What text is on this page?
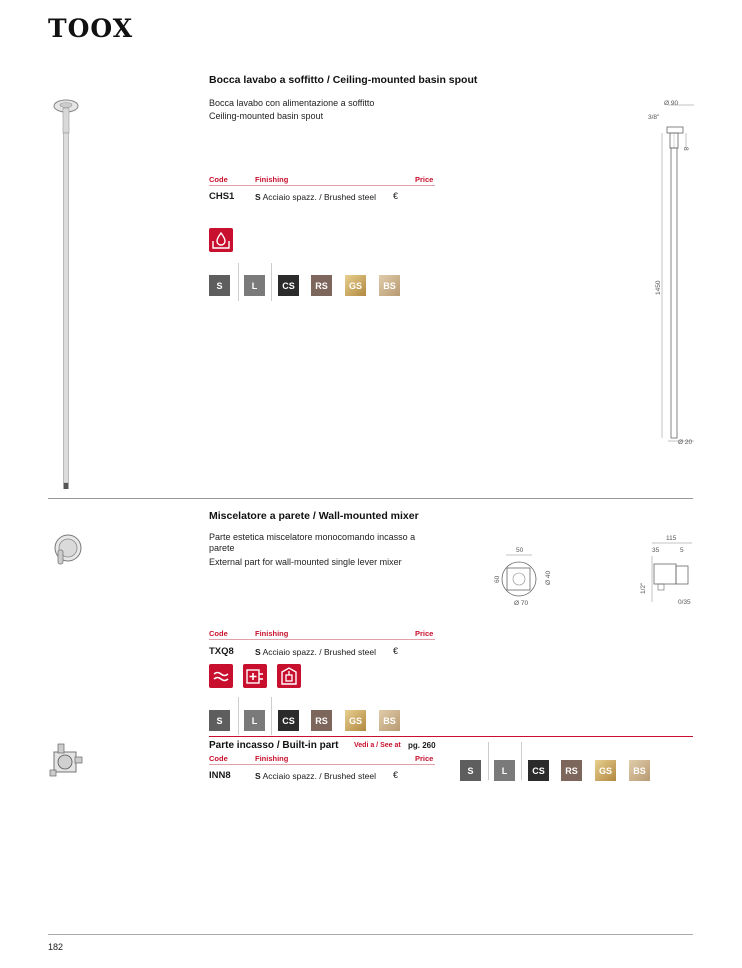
TOOX
Bocca lavabo a soffitto / Ceiling-mounted basin spout
Bocca lavabo con alimentazione a soffitto
Ceiling-mounted basin spout
Code	Finishing	Price
CHS1 S Acciaio spazz. / Brushed steel €
S	L	CS	RS	GS	BS
Ø 90
3/8"
8
1450
Ø 20
Miscelatore a parete / Wall-mounted mixer
Parte estetica miscelatore monocomando incasso a parete
External part for wall-mounted single lever mixer
50
60	Ø 40
Ø 70
115
35	5
1/2"
0/35
Code	Finishing	Price
TXQ8 S Acciaio spazz. / Brushed steel €
S	L	CS	RS	GS	BS
Parte incasso / Built-in part Vedi a / See at pg. 260
Code	Finishing	Price
INN8	S Acciaio spazz. / Brushed steel €	S	L	CS	RS	GS	BS
182
